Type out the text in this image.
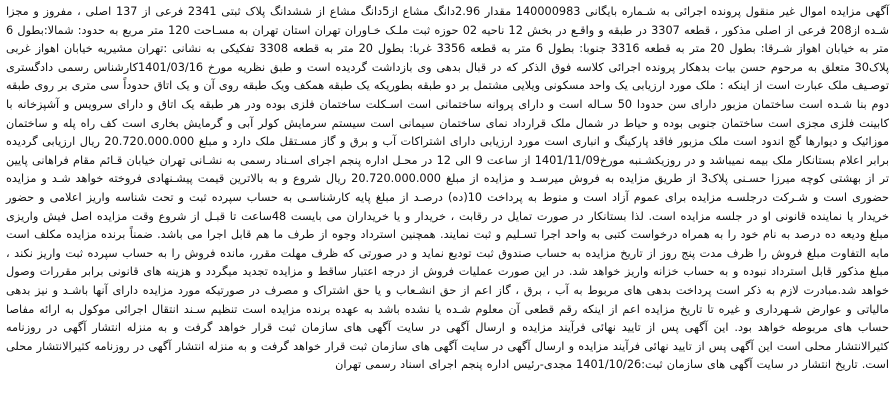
آگهی مزایده اموال غیر منقول پرونده اجرائی به شـماره بایگانی 140000983 مقدار 2.96دانگ مشاع از5دانگ مشاع از ششدانگ پلاک ثبتی 2341 فرعی از 137 اصلی ، مفروز و مجزا شـده از208 فرعی از اصلی مذکور ، قطعه 3307 در طبقه و واقـع در بخش 12 ناحیه 02 حوزه ثبت ملـک خـاوران تهران استان تهران به مسـاحت 120 متر مربع به حدود: شمالا:بطول 6 متر به خیابان اهواز شـرقا: بطول 20 متر به قطعه 3316 جنوبا: بطول 6 متر به قطعه 3356 غربا: بطول 20 متر به قطعه 3308 تفکیکی به نشانی :تهران مشیریه خیابان اهواز غربی پلاک30 متعلق به مرحوم حسن بیات بدهکار پرونده اجرائی کلاسه فوق الذکر که در قبال بدهی وی بازداشت گردیده است و طبق نظریه مورخ 1401/03/16کارشناس رسمی دادگستری توصـیف ملک عبارت است از اینکه : ملک مورد ارزیابی یک واحد مسکونی ویلایی مشتمل بر دو طبقه بطوریکه یک طبقه همکف ویک طبقه روی آن و یک اتاق حدوداً سی متری بر روی طبقه دوم بنا شـده است ساختمان مزبور دارای سن حدودا 50 سـاله است و دارای پروانه ساختمانی است اسـکلت ساختمان فلزی بوده ودر هر طبقه یک اتاق و دارای سرویس و آشپزخانه با کابینت فلزی مجزی است ساختمان جنوبی بوده و حیاط در شمال ملک قرارداد نمای ساختمان سیمانی است سیستم سرمایش کولر آبی و گرمایش بخاری است کف راه پله و ساختمان موزائیک و دیوارها گچ اندود است ملک مزبور فاقد پارکینگ و انباری است مورد ارزیابی دارای اشتراکات آب و برق و گاز مسـتقل ملک دارد و مبلغ 20.720.000.000 ریال ارزیابی گردیده برابر اعلام بستانکار ملک بیمه نمیباشد و در روزیکشـنبه مورخ1401/11/09 از ساعت 9 الی 12 در محـل اداره پنجم اجرای اسـناد رسمی به نشـانی تهران خیابان قـائم مقام فراهانی پایین تر از بهشتی کوچه میرزا حسـنی پلاک3 از طریق مزایده به فروش میرسـد و مزایده از مبلغ 20.720.000.000 ریال شروع و به بالاترین قیمت پیشـنهادی فروخته خواهد شـد و مزایده حضوری است و شـرکت درجلسـه مزایده برای عموم آزاد است و منوط به پرداخت 10(ده) درصـد از مبلغ پایه کارشناسـی به حساب سپرده ثبت و تحت شناسه واریز اعلامی و حضور خریدار یا نماینده قانونی او در جلسه مزایده است. لذا بستانکار در صورت تمایل در رقابت ، خریدار و یا خریداران می بایست 48ساعت تا قبـل از شروع وقت مزایده اصل فیش واریزی مبلغ ودیعه ده درصد به نام خود را به همراه درخواست کتبی به واحد اجرا تسـلیم و ثبت نمایند. همچنین استرداد وجوه از طرف ما هم قابل اجرا می باشد. ضمناً برنده مزایده مکلف است مابه التفاوت مبلغ فروش را ظرف مدت پنج روز از تاریخ مزایده به حساب صندوق ثبت تودیع نماید و در صورتی که ظرف مهلت مقرر، مانده فروش را به حساب سپرده ثبت واریز نکند ، مبلغ مذکور قابل استرداد نبوده و به حساب خزانه واریز خواهد شد. در این صورت عملیات فروش از درجه اعتبار ساقط و مزایده تجدید میگردد و هزینه های قانونی برابر مقررات وصول خواهد شد.مبادرت لازم به ذکر است پرداخت بدهی های مربوط به آب ، برق ، گاز اعم از حق انشـعاب و یا حق اشتراک و مصرف در صورتیکه مورد مزایده دارای آنها باشـد و نیز بدهی مالیاتی و عوارض شـهرداری و غیره تا تاریخ مزایده اعم از اینکه رقم قطعی آن معلوم شـده یا نشده باشد به عهده برنده مزایده است تنظیم سـند انتقال اجرائی موکول به ارائه مفاصا حساب های مربوطه خواهد بود. این آگهی پس از تایید نهائی فرآیند مزایده و ارسال آگهی در سایت آگهی های سازمان ثبت قرار خواهد گرفت و به منزله انتشار آگهی در روزنامه کثیرالانتشار محلی است این آگهی پس از تایید نهائی فرآیند مزایده و ارسال آگهی در سایت آگهی های سازمان ثبت قرار خواهد گرفت و به منزله انتشار آگهی در روزنامه کثیرالانتشار محلی است. تاریخ انتشار در سایت آگهی های سازمان ثبت:1401/10/26 مجدی-رئیس اداره پنجم اجرای اسناد رسمی تهران
